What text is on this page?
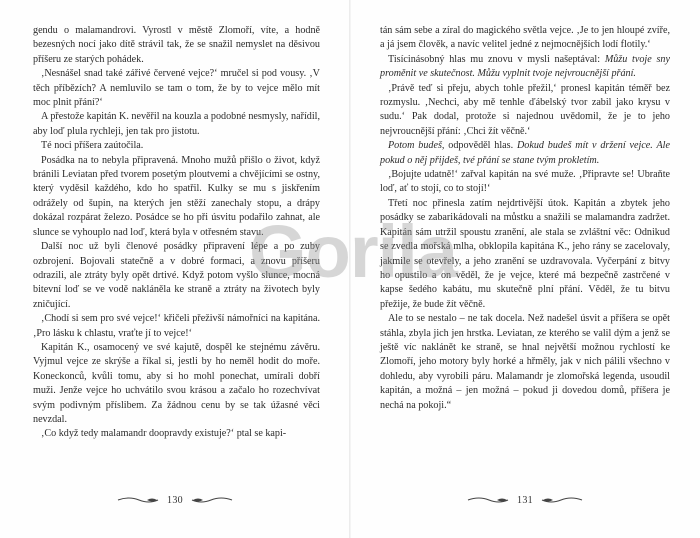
gendu o malamandrovi. Vyrostl v městě Zlomoří, víte, a hodně bezesných nocí jako dítě strávil tak, že se snažil nemyslet na děsivou příšeru ze starých pohádek.

‚Nesnášel snad také zářivé červené vejce?‘ mručel si pod vousy. ‚V těch příbězích? A nemluvilo se tam o tom, že by to vejce mělo mít moc plnit přání?‘

A přestože kapitán K. nevěřil na kouzla a podobné nesmysly, nařídil, aby loď plula rychleji, jen tak pro jistotu.

Té noci příšera zaútočila.

Posádka na to nebyla připravená. Mnoho mužů přišlo o život, když bránili Leviatan před tvorem posetým ploutvemi a chvějícími se ostny, který vyděsil každého, kdo ho spatřil. Kulky se mu s jiskřením odrážely od šupin, na kterých jen stěží zanechaly stopu, a drápy dokázal rozpárat železo. Posádce se ho při úsvitu podařilo zahnat, ale slunce se vyhouplo nad loď, která byla v otřesném stavu.

Další noc už byli členové posádky připravení lépe a po zuby ozbrojení. Bojovali statečně a v dobré formaci, a znovu příšeru odrazili, ale ztráty byly opět drtivé. Když potom vyšlo slunce, mocná bitevní loď se ve vodě nakláněla ke straně a ztráty na životech byly zničující.

‚Chodí si sem pro své vejce!‘ křičeli přeživší námořníci na kapitána. ‚Pro lásku k chlastu, vraťte jí to vejce!‘

Kapitán K., osamocený ve své kajutě, dospěl ke stejnému závěru. Vyjmul vejce ze skrýše a říkal si, jestli by ho neměl hodit do moře. Koneckonců, kvůli tomu, aby si ho mohl ponechat, umírali dobří muži. Jenže vejce ho uchvátilo svou krásou a začalo ho rozechvívat svým podivným příslibem. Za žádnou cenu by se tak úžasné věci nevzdal.

‚Co když tedy malamandr doopravdy existuje?‘ ptal se kapi-

130

tán sám sebe a zíral do magického světla vejce. ‚Je to jen hloupé zvíře, a já jsem člověk, a navíc velitel jedné z nejmocnějších lodí flotily.‘

Tisícinásobný hlas mu znovu v mysli našeptával: Můžu tvoje sny proměnit ve skutečnost. Můžu vyplnit tvoje nejvroucnější přání.

‚Právě teď si přeju, abych tohle přežil,‘ pronesl kapitán téměř bez rozmyslu. ‚Nechci, aby mě tenhle ďábelský tvor zabil jako krysu v sudu.‘ Pak dodal, protože si najednou uvědomil, že je to jeho nejvroucnější přání: ‚Chci žít věčně.‘

Potom budeš, odpověděl hlas. Dokud budeš mít v držení vejce. Ale pokud o něj přijdeš, tvé přání se stane tvým prokletím.

‚Bojujte udatně!‘ zařval kapitán na své muže. ‚Připravte se! Ubraňte loď, ať to stojí, co to stojí!‘

Třetí noc přinesla zatím nejdrtivější útok. Kapitán a zbytek jeho posádky se zabarikádovali na můstku a snažili se malamandra zadržet. Kapitán sám utržil spoustu zranění, ale stala se zvláštní věc: Odnikud se zvedla mořská mlha, obklopila kapitána K., jeho rány se zacelovaly, jakmile se otevřely, a jeho zranění se uzdravovala. Vyčerpání z bitvy ho opustilo a on věděl, že je vejce, které má bezpečně zastrčené v kapse šedého kabátu, mu skutečně plní přání. Věděl, že tu bitvu přežije, že bude žít věčně.

Ale to se nestalo – ne tak docela. Než nadešel úsvit a příšera se opět stáhla, zbyla jich jen hrstka. Leviatan, ze kterého se valil dým a jenž se ještě víc naklánět ke straně, se hnal největší možnou rychlostí ke Zlomoří, jeho motory byly horké a hřměly, jak v nich pálili všechno v dohledu, aby vyrobili páru. Malamandr je zlomořská legenda, usoudil kapitán, a možná – jen možná – pokud ji dovedou domů, příšera je nechá na pokoji.“

131
Gorila
